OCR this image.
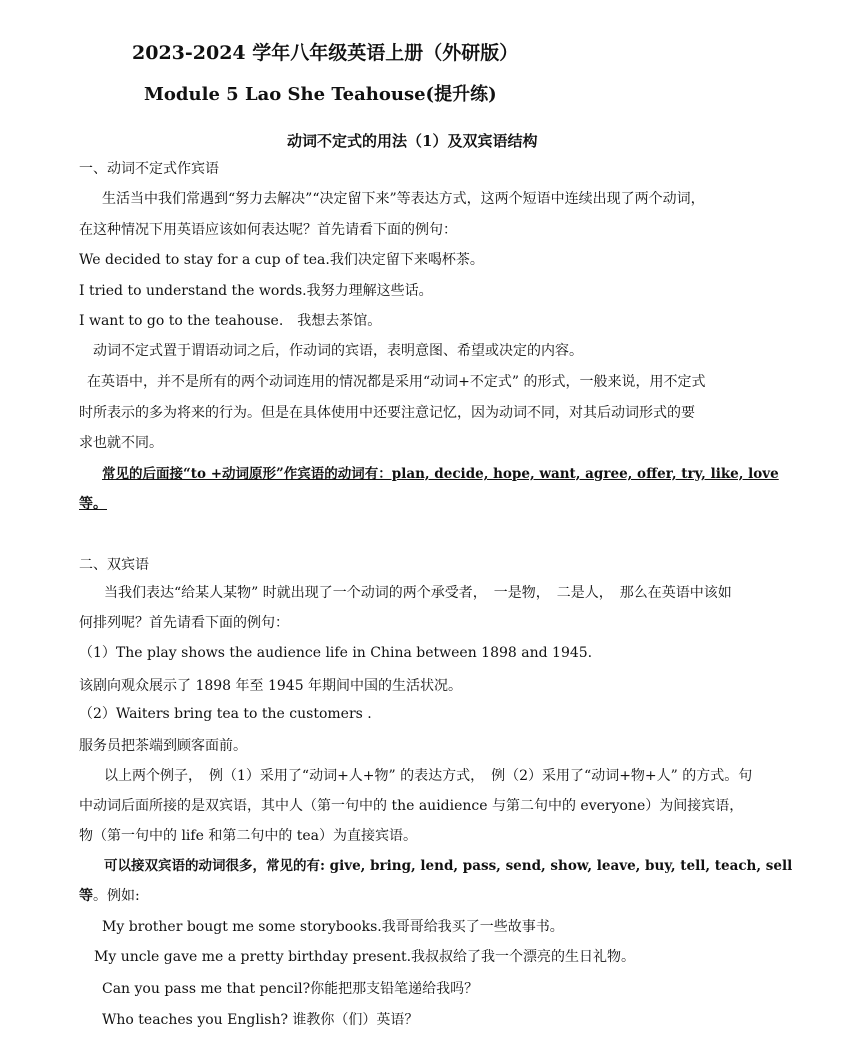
2023-2024 学年八年级英语上册（外研版）
Module 5 Lao She Teahouse(提升练)
动词不定式的用法（1）及双宾语结构
一、动词不定式作宾语
生活当中我们常遇到“努力去解决”“决定留下来”等表达方式，这两个短语中连续出现了两个动词，
在这种情况下用英语应该如何表达呢？首先请看下面的例句：
We decided to stay for a cup of tea.我们决定留下来喝杯茶。
I tried to understand the words.我努力理解这些话。
I want to go to the teahouse.　我想去茶馆。
动词不定式置于谓语动词之后，作动词的宾语，表明意图、希望或决定的内容。
在英语中，并不是所有的两个动词连用的情况都是采用“动词+不定式” 的形式，一般来说，用不定式
时所表示的多为将来的行为。但是在具体使用中还要注意记忆，因为动词不同，对其后动词形式的要
求也就不同。
常见的后面接“to +动词原形”作宾语的动词有：plan, decide, hope, want, agree, offer, try, like, love
等。
二、双宾语
当我们表达“给某人某物” 时就出现了一个动词的两个承受者，　一是物，　二是人，　那么在英语中该如
何排列呢？首先请看下面的例句：
（1）The play shows the audience life in China between 1898 and 1945.
该剧向观众展示了 1898 年至 1945 年期间中国的生活状况。
（2）Waiters bring tea to the customers .
服务员把茶端到顾客面前。
以上两个例子，　例（1）采用了“动词+人+物” 的表达方式，　例（2）采用了“动词+物+人” 的方式。句
中动词后面所接的是双宾语，其中人（第一句中的 the auidience 与第二句中的 everyone）为间接宾语，
物（第一句中的 life 和第二句中的 tea）为直接宾语。
可以接双宾语的动词很多，常见的有: give, bring, lend, pass, send, show, leave, buy, tell, teach, sell
等。例如:
My brother bougt me some storybooks.我哥哥给我买了一些故事书。
My uncle gave me a pretty birthday present.我叔叔给了我一个漂亮的生日礼物。
Can you pass me that pencil?你能把那支铅笔递给我吗？
Who teaches you English? 谁教你（们）英语？
